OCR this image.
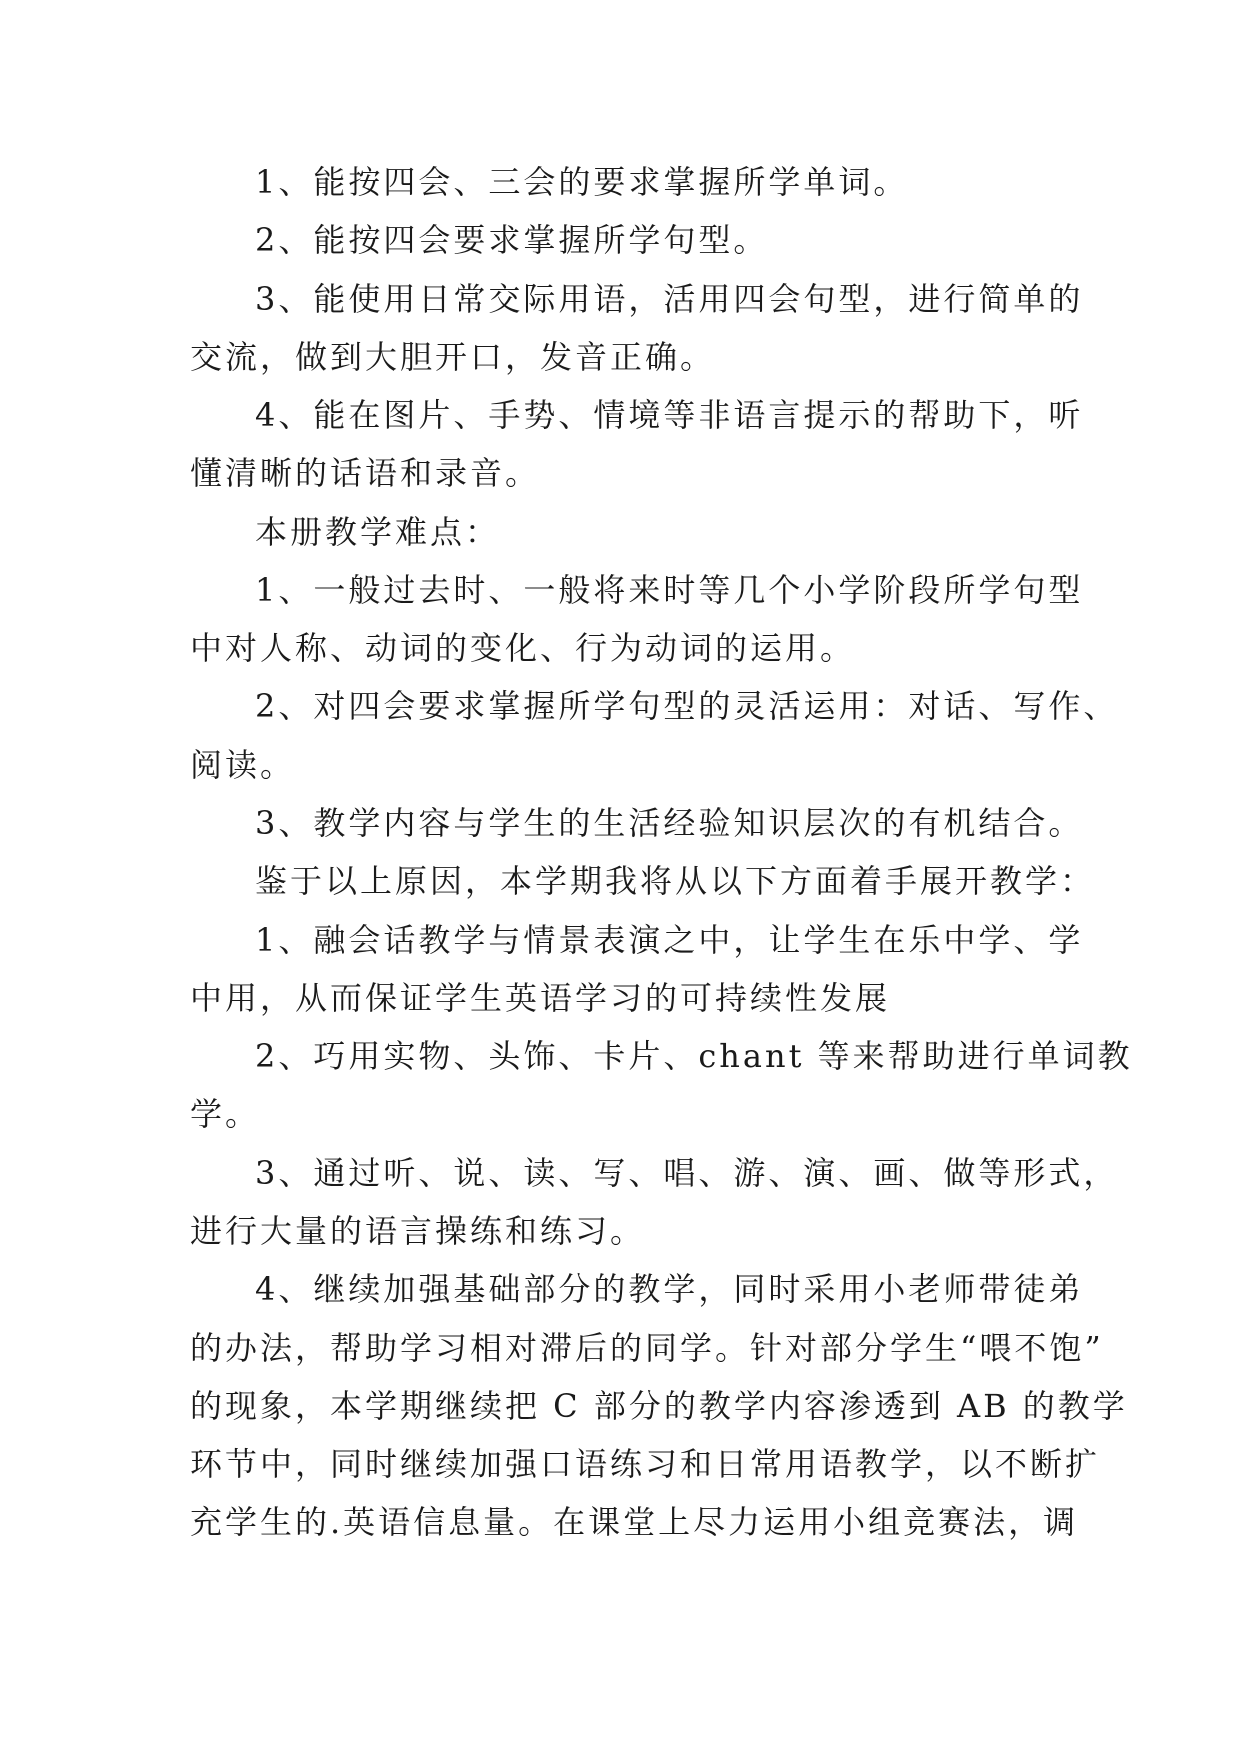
1、能按四会、三会的要求掌握所学单词。
2、能按四会要求掌握所学句型。
3、能使用日常交际用语，活用四会句型，进行简单的
交流，做到大胆开口，发音正确。
4、能在图片、手势、情境等非语言提示的帮助下，听
懂清晰的话语和录音。
本册教学难点：
1、一般过去时、一般将来时等几个小学阶段所学句型
中对人称、动词的变化、行为动词的运用。
2、对四会要求掌握所学句型的灵活运用：对话、写作、
阅读。
3、教学内容与学生的生活经验知识层次的有机结合。
鉴于以上原因，本学期我将从以下方面着手展开教学：
1、融会话教学与情景表演之中，让学生在乐中学、学
中用，从而保证学生英语学习的可持续性发展
2、巧用实物、头饰、卡片、chant 等来帮助进行单词教
学。
3、通过听、说、读、写、唱、游、演、画、做等形式，
进行大量的语言操练和练习。
4、继续加强基础部分的教学，同时采用小老师带徒弟
的办法，帮助学习相对滞后的同学。针对部分学生“喂不饱”
的现象，本学期继续把 C 部分的教学内容渗透到 AB 的教学
环节中，同时继续加强口语练习和日常用语教学，以不断扩
充学生的.英语信息量。在课堂上尽力运用小组竞赛法，调
